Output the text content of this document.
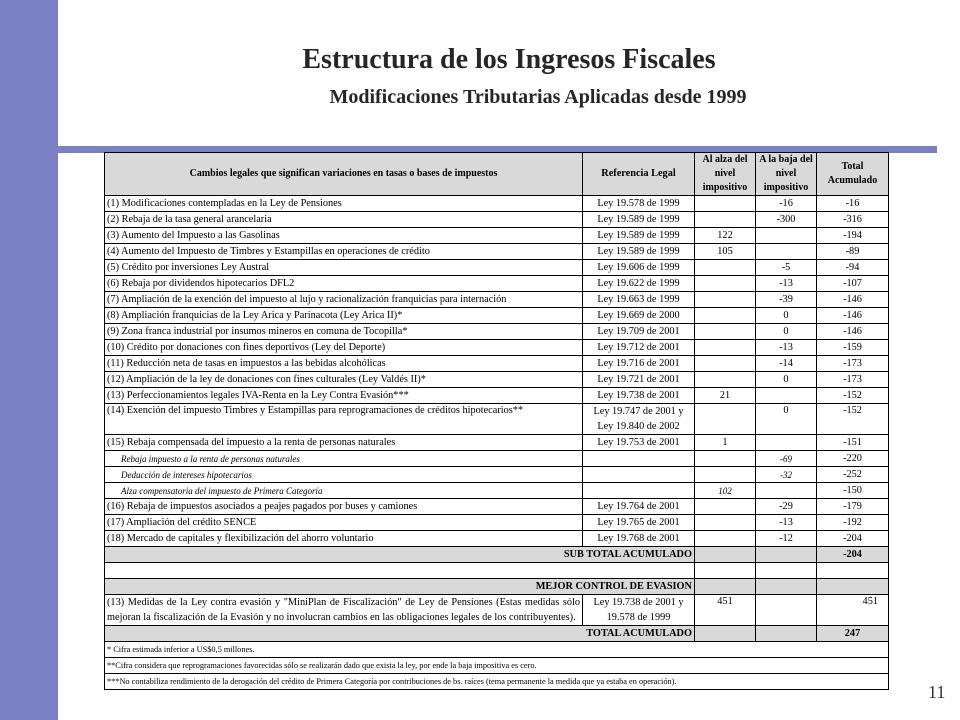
Estructura de los Ingresos Fiscales
Modificaciones Tributarias Aplicadas desde 1999
Cambios legales que significan variaciones en tasas o bases de impuestos	Referencia Legal	Al alza del nivel impositivo	A la baja del nivel impositivo	Total Acumulado
(1) Modificaciones contempladas en la Ley de Pensiones	Ley 19.578 de 1999		-16	-16
(2) Rebaja de la tasa general arancelaria	Ley 19.589 de 1999		-300	-316
(3) Aumento del Impuesto a las Gasolinas	Ley 19.589 de 1999	122		-194
(4) Aumento del Impuesto de Timbres y Estampillas en operaciones de crédito	Ley 19.589 de 1999	105		-89
(5) Crédito por inversiones Ley Austral	Ley 19.606 de 1999		-5	-94
(6) Rebaja por dividendos hipotecarios DFL2	Ley 19.622 de 1999		-13	-107
(7) Ampliación de la exención del impuesto al lujo y racionalización franquicias para internación	Ley 19.663 de 1999		-39	-146
(8) Ampliación franquicias de la Ley Arica y Parinacota (Ley Arica II)*	Ley 19.669 de 2000		0	-146
(9) Zona franca industrial por insumos mineros en comuna de Tocopilla*	Ley 19.709 de 2001		0	-146
(10) Crédito por donaciones con fines deportivos (Ley del Deporte)	Ley 19.712 de 2001		-13	-159
(11) Reducción neta de tasas en impuestos a las bebidas alcohólicas	Ley 19.716 de 2001		-14	-173
(12) Ampliación de la ley de donaciones con fines culturales (Ley Valdés II)*	Ley 19.721 de 2001		0	-173
(13) Perfeccionamientos legales IVA-Renta en la Ley Contra Evasión***	Ley 19.738 de 2001	21		-152
(14) Exención del impuesto Timbres y Estampillas para reprogramaciones de créditos hipotecarios**	Ley 19.747 de 2001 y
Ley 19.840 de 2002		0	-152
(15) Rebaja compensada del impuesto a la renta de personas naturales	Ley 19.753 de 2001	1		-151
Rebaja impuesto a la renta de personas naturales			-69	-220
Deducción de intereses hipotecarios			-32	-252
Alza compensatoria del impuesto de Primera Categoría		102		-150
(16) Rebaja de impuestos asociados a peajes pagados por buses y camiones	Ley 19.764 de 2001		-29	-179
(17) Ampliación del crédito SENCE	Ley 19.765 de 2001		-13	-192
(18) Mercado de capitales y flexibilización del ahorro voluntario	Ley 19.768 de 2001		-12	-204
SUB TOTAL ACUMULADO				-204

MEJOR CONTROL DE EVASION				
(13) Medidas de la Ley contra evasión y "MiniPlan de Fiscalización" de Ley de Pensiones (Estas medidas sólo mejoran la fiscalización de la Evasión y no involucran cambios en las obligaciones legales de los contribuyentes).	Ley 19.738 de 2001 y 19.578 de 1999	451		451
TOTAL ACUMULADO				247
* Cifra estimada inferior a US$0,5 millones.				
**Cifra considera que reprogramaciones favorecidas sólo se realizarán dado que exista la ley, por ende la baja impositiva es cero.				
***No contabiliza rendimiento de la derogación del crédito de Primera Categoría por contribuciones de bs. raíces (tema permanente la medida que ya estaba en operación).				
11
